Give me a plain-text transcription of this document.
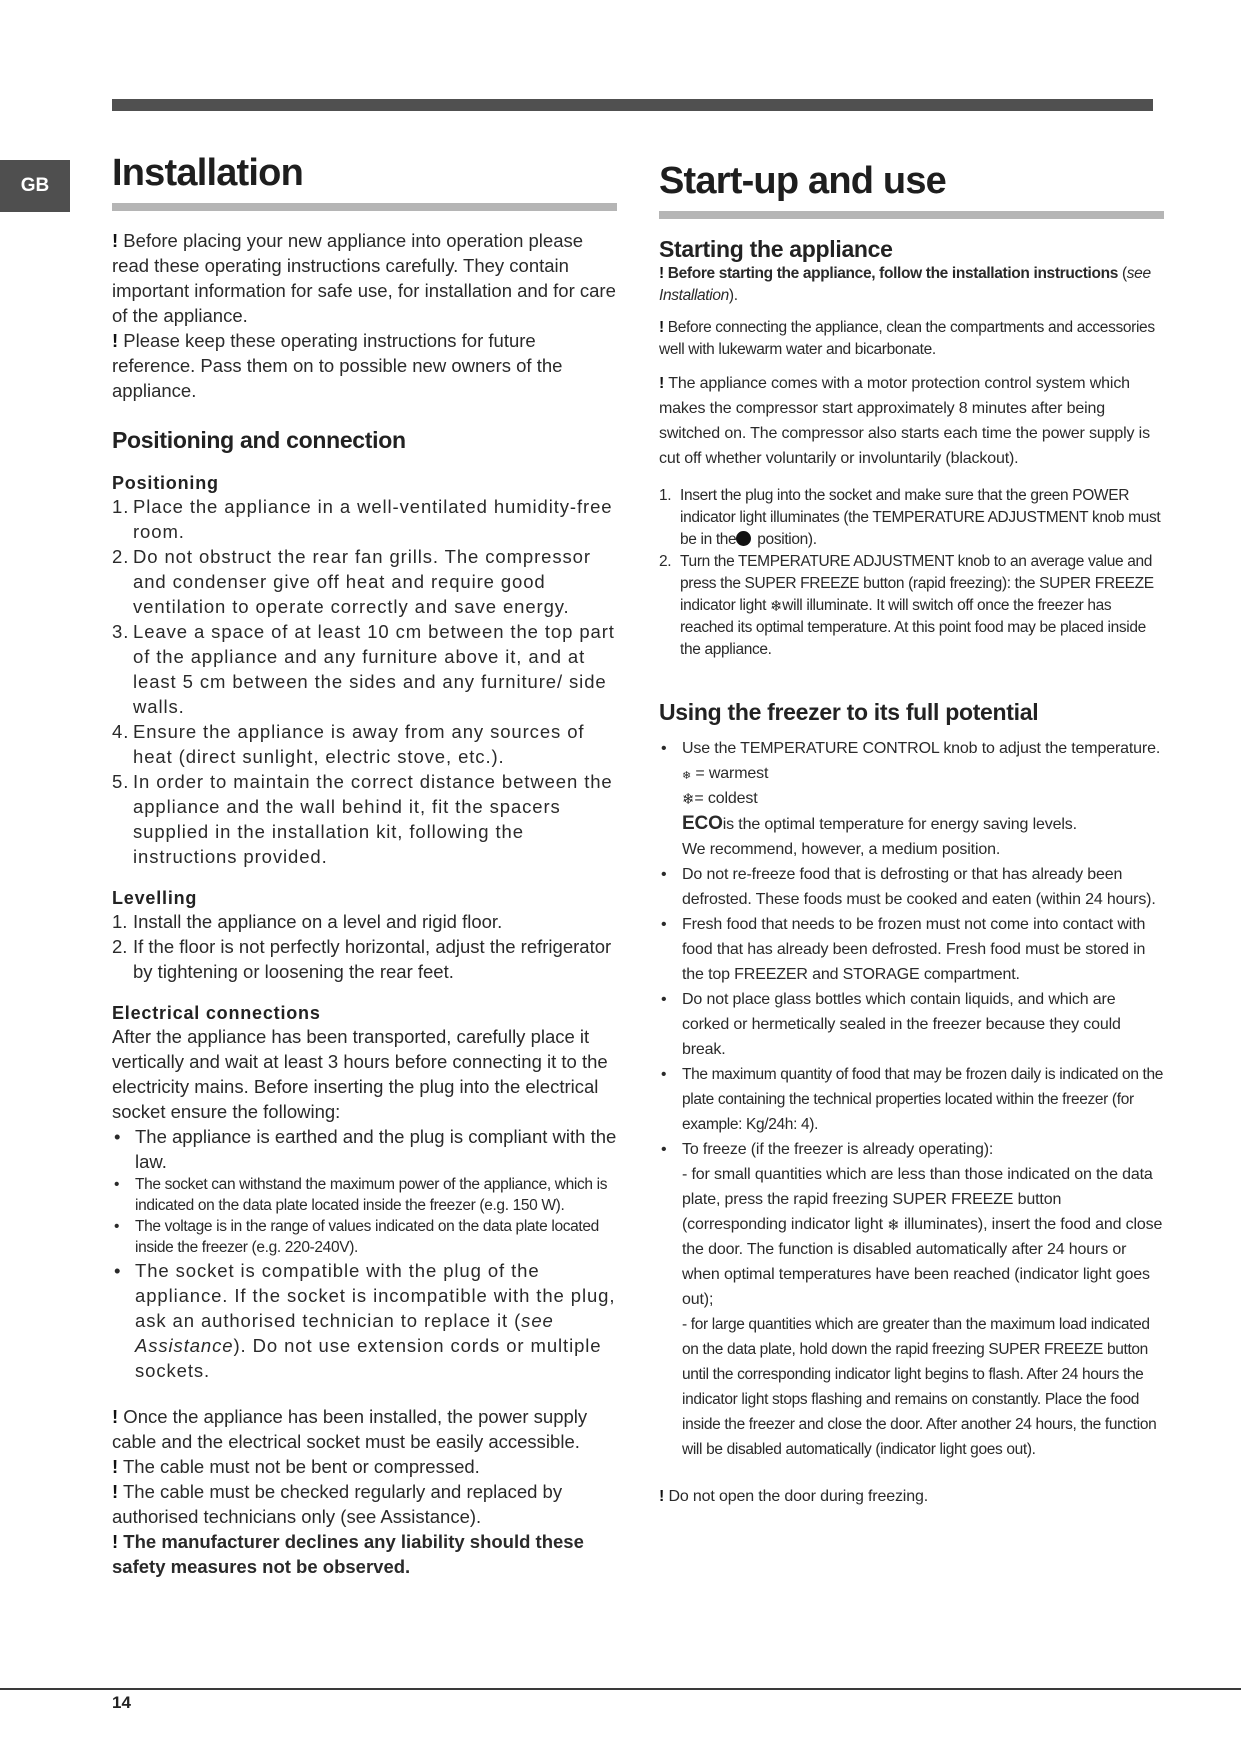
GB Installation

! Before placing your new appliance into operation please read these operating instructions carefully. They contain important information for safe use, for installation and for care of the appliance.

! Please keep these operating instructions for future reference. Pass them on to possible new owners of the appliance.

Positioning and connection
Positioning
1. Place the appliance in a well-ventilated humidity-free room.
2. Do not obstruct the rear fan grills. The compressor and condenser give off heat and require good ventilation to operate correctly and save energy.
3. Leave a space of at least 10 cm between the top part of the appliance and any furniture above it, and at least 5 cm between the sides and any furniture/ side walls.
4. Ensure the appliance is away from any sources of heat (direct sunlight, electric stove, etc.).
5. In order to maintain the correct distance between the appliance and the wall behind it, fit the spacers supplied in the installation kit, following the instructions provided.
Levelling
1. Install the appliance on a level and rigid floor.
2. If the floor is not perfectly horizontal, adjust the refrigerator by tightening or loosening the rear feet.
Electrical connections

After the appliance has been transported, carefully place it vertically and wait at least 3 hours before connecting it to the electricity mains. Before inserting the plug into the electrical socket ensure the following:

• The appliance is earthed and the plug is compliant with the law.
• The socket can withstand the maximum power of the appliance, which is indicated on the data plate located inside the freezer (e.g. 150 W).
• The voltage is in the range of values indicated on the data plate located inside the freezer (e.g. 220-240V).
• The socket is compatible with the plug of the appliance. If the socket is incompatible with the plug, ask an authorised technician to replace it (see Assistance). Do not use extension cords or multiple sockets.

! Once the appliance has been installed, the power supply cable and the electrical socket must be easily accessible.

! The cable must not be bent or compressed.

! The cable must be checked regularly and replaced by authorised technicians only (see Assistance).

! The manufacturer declines any liability should these safety measures not be observed.

Start-up and use
Starting the appliance

! Before starting the appliance, follow the installation instructions (see Installation).

! Before connecting the appliance, clean the compartments and accessories well with lukewarm water and bicarbonate.

! The appliance comes with a motor protection control system which makes the compressor start approximately 8 minutes after being switched on. The compressor also starts each time the power supply is cut off whether voluntarily or involuntarily (blackout).

1. Insert the plug into the socket and make sure that the green POWER indicator light illuminates (the TEMPERATURE ADJUSTMENT knob must be in the position).
2. Turn the TEMPERATURE ADJUSTMENT knob to an average value and press the SUPER FREEZE button (rapid freezing): the SUPER FREEZE indicator light ❄will illuminate. It will switch off once the freezer has reached its optimal temperature. At this point food may be placed inside the appliance.
Using the freezer to its full potential
• Use the TEMPERATURE CONTROL knob to adjust the temperature.
❄ = warmest
❄= coldest
ECOis the optimal temperature for energy saving levels.
We recommend, however, a medium position.
• Do not re-freeze food that is defrosting or that has already been defrosted. These foods must be cooked and eaten (within 24 hours).
• Fresh food that needs to be frozen must not come into contact with food that has already been defrosted. Fresh food must be stored in the top FREEZER and STORAGE compartment.
• Do not place glass bottles which contain liquids, and which are corked or hermetically sealed in the freezer because they could break.
• The maximum quantity of food that may be frozen daily is indicated on the plate containing the technical properties located within the freezer (for example: Kg/24h: 4).
• To freeze (if the freezer is already operating):
- for small quantities which are less than those indicated on the data plate, press the rapid freezing SUPER FREEZE button (corresponding indicator light ❄ illuminates), insert the food and close the door. The function is disabled automatically after 24 hours or when optimal temperatures have been reached (indicator light goes out);
- for large quantities which are greater than the maximum load indicated on the data plate, hold down the rapid freezing SUPER FREEZE button until the corresponding indicator light begins to flash. After 24 hours the indicator light stops flashing and remains on constantly. Place the food inside the freezer and close the door. After another 24 hours, the function will be disabled automatically (indicator light goes out).

! Do not open the door during freezing.

14
